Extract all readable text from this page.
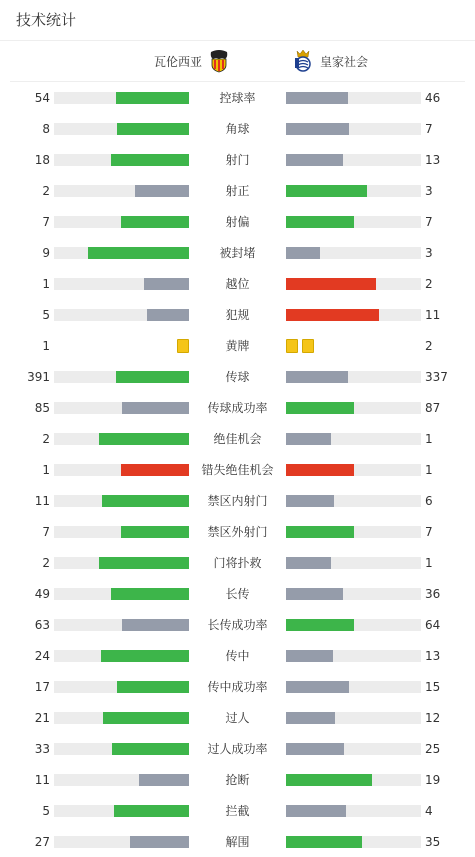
技术统计
瓦伦西亚	皇家社会
54	控球率	46
8	角球	7
18	射门	13
2	射正	3
7	射偏	7
9	被封堵	3
1	越位	2
5	犯规	11
1	黄牌	2
391	传球	337
85	传球成功率	87
2	绝佳机会	1
1	错失绝佳机会	1
11	禁区内射门	6
7	禁区外射门	7
2	门将扑救	1
49	长传	36
63	长传成功率	64
24	传中	13
17	传中成功率	15
21	过人	12
33	过人成功率	25
11	抢断	19
5	拦截	4
27	解围	35
